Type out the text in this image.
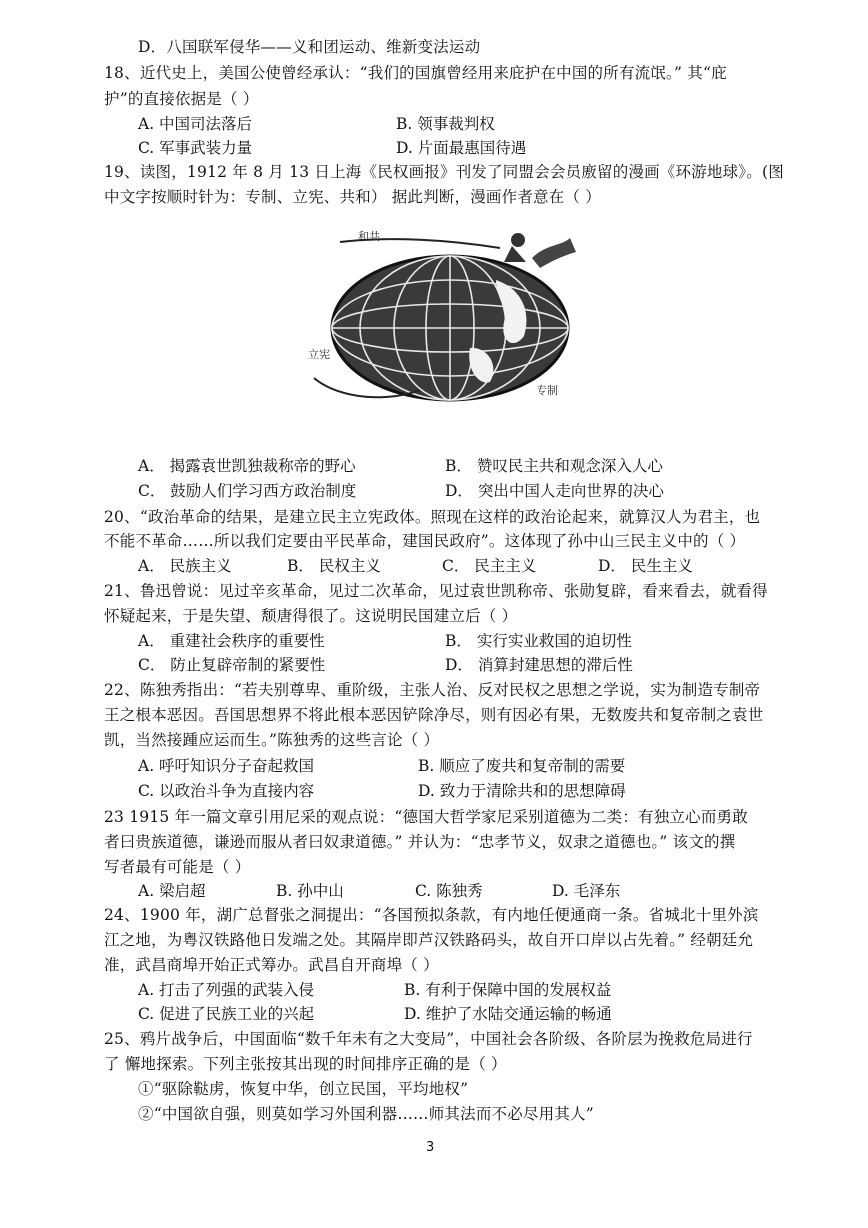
D．八国联军侵华——义和团运动、维新变法运动
18、近代史上，美国公使曾经承认：“我们的国旗曾经用来庇护在中国的所有流氓。” 其“庇
护”的直接依据是（ ）
A. 中国司法落后	B. 领事裁判权
C. 军事武装力量	D. 片面最惠国待遇
19、读图，1912 年 8 月 13 日上海《民权画报》刊发了同盟会会员廒留的漫画《环游地球》。(图
中文字按顺时针为：专制、立宪、共和） 据此判断，漫画作者意在（ ）
和共
立宪
专制
A． 揭露袁世凯独裁称帝的野心	B． 赞叹民主共和观念深入人心
C． 鼓励人们学习西方政治制度	D． 突出中国人走向世界的决心
20、“政治革命的结果，是建立民主立宪政体。照现在这样的政治论起来，就算汉人为君主，也
不能不革命……所以我们定要由平民革命，建国民政府”。这体现了孙中山三民主义中的（ ）
A． 民族主义	B． 民权主义	C． 民主主义	D． 民生主义
21、鲁迅曾说：见过辛亥革命，见过二次革命，见过袁世凯称帝、张勋复辟，看来看去，就看得
怀疑起来，于是失望、颓唐得很了。这说明民国建立后（ ）
A． 重建社会秩序的重要性	B． 实行实业救国的迫切性
C． 防止复辟帝制的紧要性	D． 消算封建思想的滞后性
22、陈独秀指出：“若夫别尊卑、重阶级，主张人治、反对民权之思想之学说，实为制造专制帝
王之根本恶因。吾国思想界不将此根本恶因铲除净尽，则有因必有果，无数废共和复帝制之袁世
凯，当然接踵应运而生。”陈独秀的这些言论（ ）
A. 呼吁知识分子奋起救国	B. 顺应了废共和复帝制的需要
C. 以政治斗争为直接内容	D. 致力于清除共和的思想障碍
23 1915 年一篇文章引用尼采的观点说：“德国大哲学家尼采别道德为二类：有独立心而勇敢
者曰贵族道德，谦逊而服从者曰奴隶道德。” 并认为：“忠孝节义，奴隶之道德也。” 该文的撰
写者最有可能是（ ）
A. 梁启超	B. 孙中山	C. 陈独秀	D. 毛泽东
24、1900 年，湖广总督张之洞提出：“各国预拟条款，有内地任便通商一条。省城北十里外滨
江之地，为粤汉铁路他日发端之处。其隔岸即芦汉铁路码头，故自开口岸以占先着。” 经朝廷允
准，武昌商埠开始正式筹办。武昌自开商埠（ ）
A. 打击了列强的武装入侵	B. 有利于保障中国的发展权益
C. 促进了民族工业的兴起	D. 维护了水陆交通运输的畅通
25、鸦片战争后，中国面临“数千年未有之大变局”，中国社会各阶级、各阶层为挽救危局进行
了 懈地探索。下列主张按其出现的时间排序正确的是（ ）
①“驱除鞑虏，恢复中华，创立民国，平均地权”
②“中国欲自强，则莫如学习外国利器……师其法而不必尽用其人”
3
